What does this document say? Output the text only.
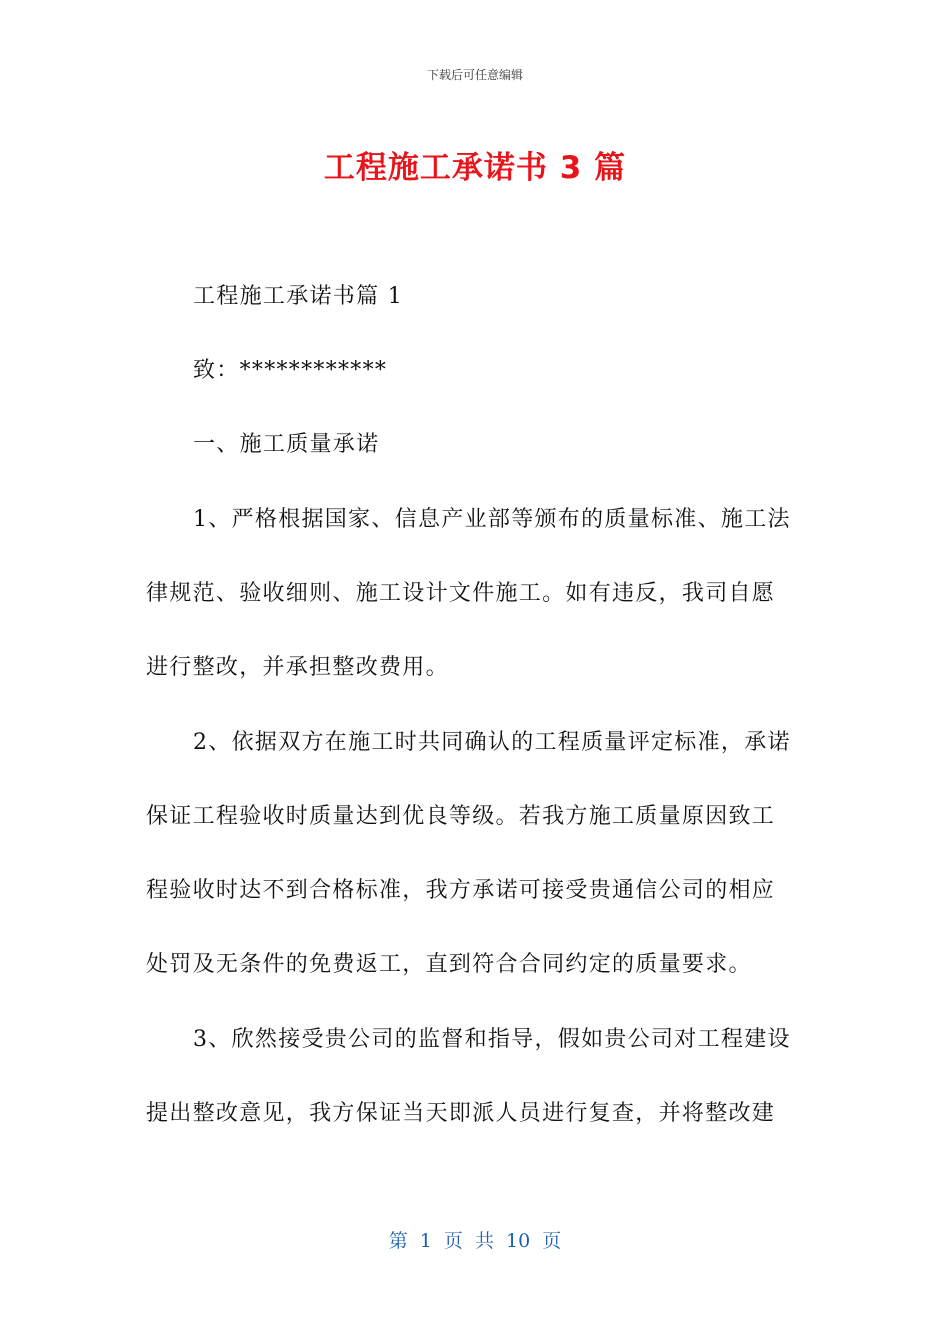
下载后可任意编辑
工程施工承诺书 3 篇
工程施工承诺书篇 1
致：************
一、施工质量承诺
1、严格根据国家、信息产业部等颁布的质量标准、施工法
律规范、验收细则、施工设计文件施工。如有违反，我司自愿
进行整改，并承担整改费用。
2、依据双方在施工时共同确认的工程质量评定标准，承诺
保证工程验收时质量达到优良等级。若我方施工质量原因致工
程验收时达不到合格标准，我方承诺可接受贵通信公司的相应
处罚及无条件的免费返工，直到符合合同约定的质量要求。
3、欣然接受贵公司的监督和指导，假如贵公司对工程建设
提出整改意见，我方保证当天即派人员进行复查，并将整改建
第 1 页 共 10 页
